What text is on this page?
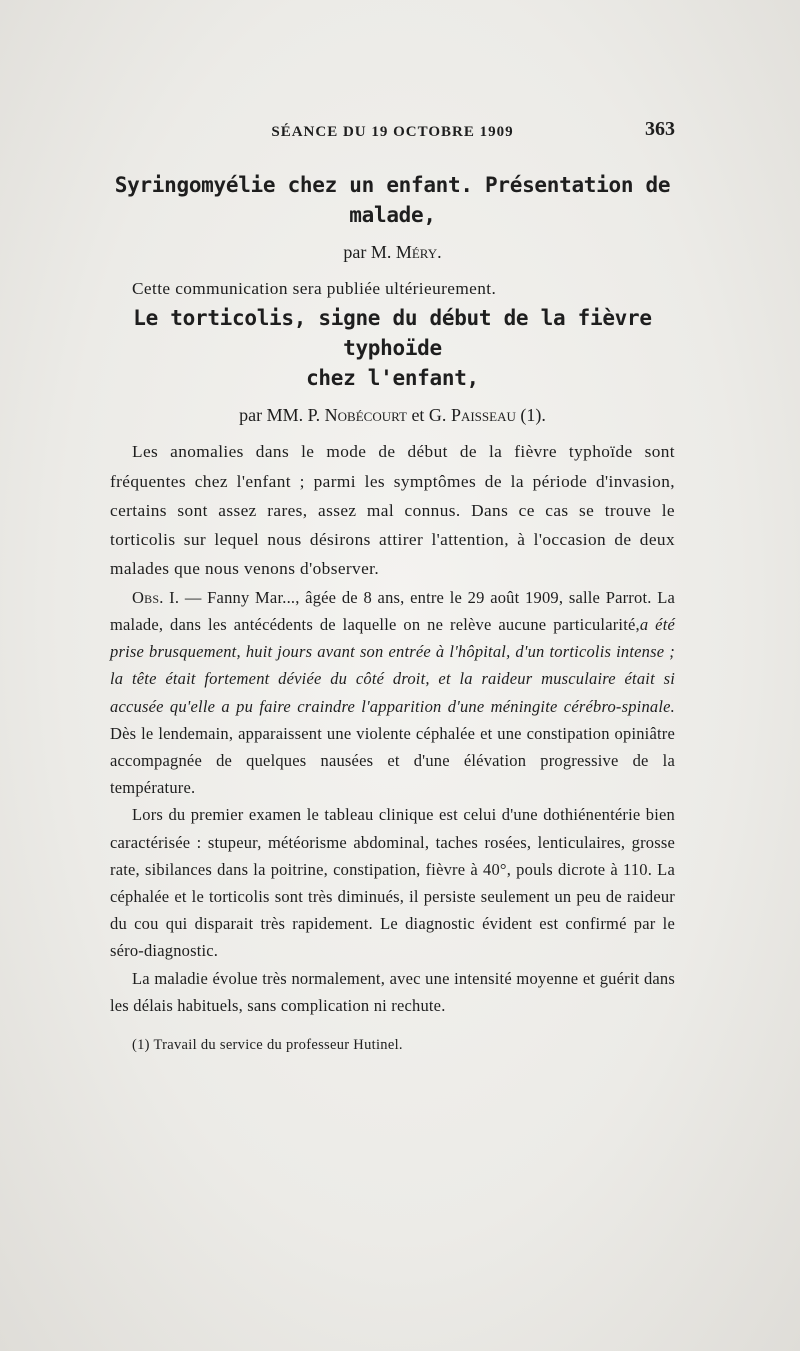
SÉANCE DU 19 OCTOBRE 1909	363
Syringomyélie chez un enfant. Présentation de malade,
par M. Méry.

Cette communication sera publiée ultérieurement.

Le torticolis, signe du début de la fièvre typhoïde
chez l'enfant,
par MM. P. Nobécourt et G. Paisseau (1).

Les anomalies dans le mode de début de la fièvre typhoïde sont fréquentes chez l'enfant ; parmi les symptômes de la période d'invasion, certains sont assez rares, assez mal connus. Dans ce cas se trouve le torticolis sur lequel nous désirons attirer l'attention, à l'occasion de deux malades que nous venons d'observer.

Obs. I. — Fanny Mar..., âgée de 8 ans, entre le 29 août 1909, salle Parrot. La malade, dans les antécédents de laquelle on ne relève aucune particularité,a été prise brusquement, huit jours avant son entrée à l'hôpital, d'un torticolis intense ; la tête était fortement déviée du côté droit, et la raideur musculaire était si accusée qu'elle a pu faire craindre l'apparition d'une méningite cérébro-spinale. Dès le lendemain, apparaissent une violente céphalée et une constipation opiniâtre accompagnée de quelques nausées et d'une élévation progressive de la température.

Lors du premier examen le tableau clinique est celui d'une dothiénentérie bien caractérisée : stupeur, météorisme abdominal, taches rosées, lenticulaires, grosse rate, sibilances dans la poitrine, constipation, fièvre à 40°, pouls dicrote à 110. La céphalée et le torticolis sont très diminués, il persiste seulement un peu de raideur du cou qui disparait très rapidement. Le diagnostic évident est confirmé par le séro-diagnostic.

La maladie évolue très normalement, avec une intensité moyenne et guérit dans les délais habituels, sans complication ni rechute.

(1) Travail du service du professeur Hutinel.
